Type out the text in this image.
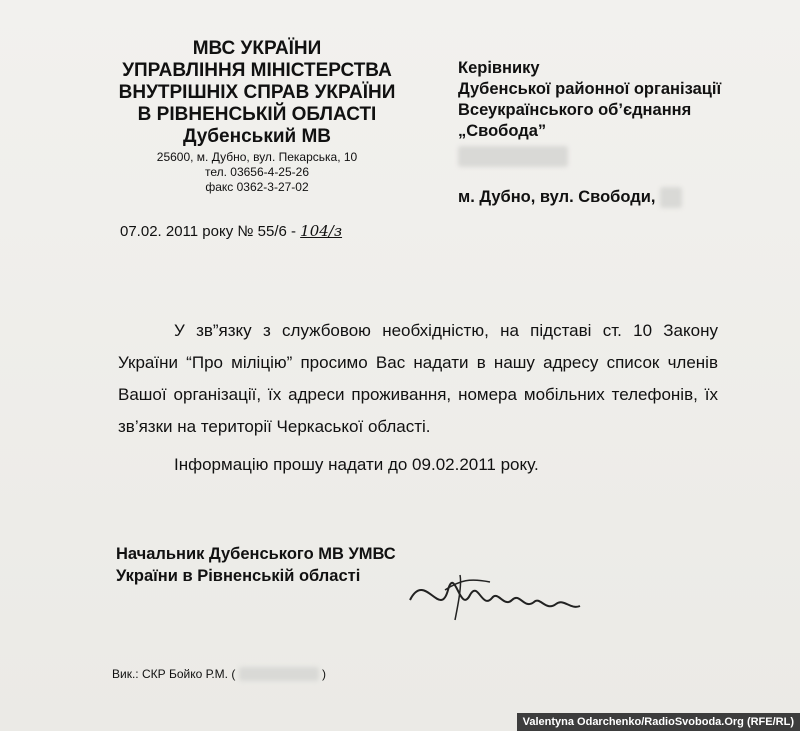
МВС УКРАЇНИ
УПРАВЛІННЯ МІНІСТЕРСТВА
ВНУТРІШНІХ СПРАВ УКРАЇНИ
В РІВНЕНСЬКІЙ ОБЛАСТІ
Дубенський МВ
25600, м. Дубно, вул. Пекарська, 10
тел. 03656-4-25-26
факс 0362-3-27-02
Керівнику
Дубенської районної організації
Всеукраїнського об’єднання
„Свобода”
м. Дубно, вул. Свободи,
07.02. 2011 року № 55/6 - 104/з

У зв”язку з службовою необхідністю, на підставі ст. 10 Закону України “Про міліцію” просимо Вас надати в нашу адресу список членів Вашої організації, їх адреси проживання, номера мобільних телефонів, їх зв’язки на території Черкаської області.

Інформацію прошу надати до 09.02.2011 року.

Начальник Дубенського МВ УМВС
України в Рівненській області
Вик.: СКР Бойко Р.М. (	)
Valentyna Odarchenko/RadioSvoboda.Org (RFE/RL)
